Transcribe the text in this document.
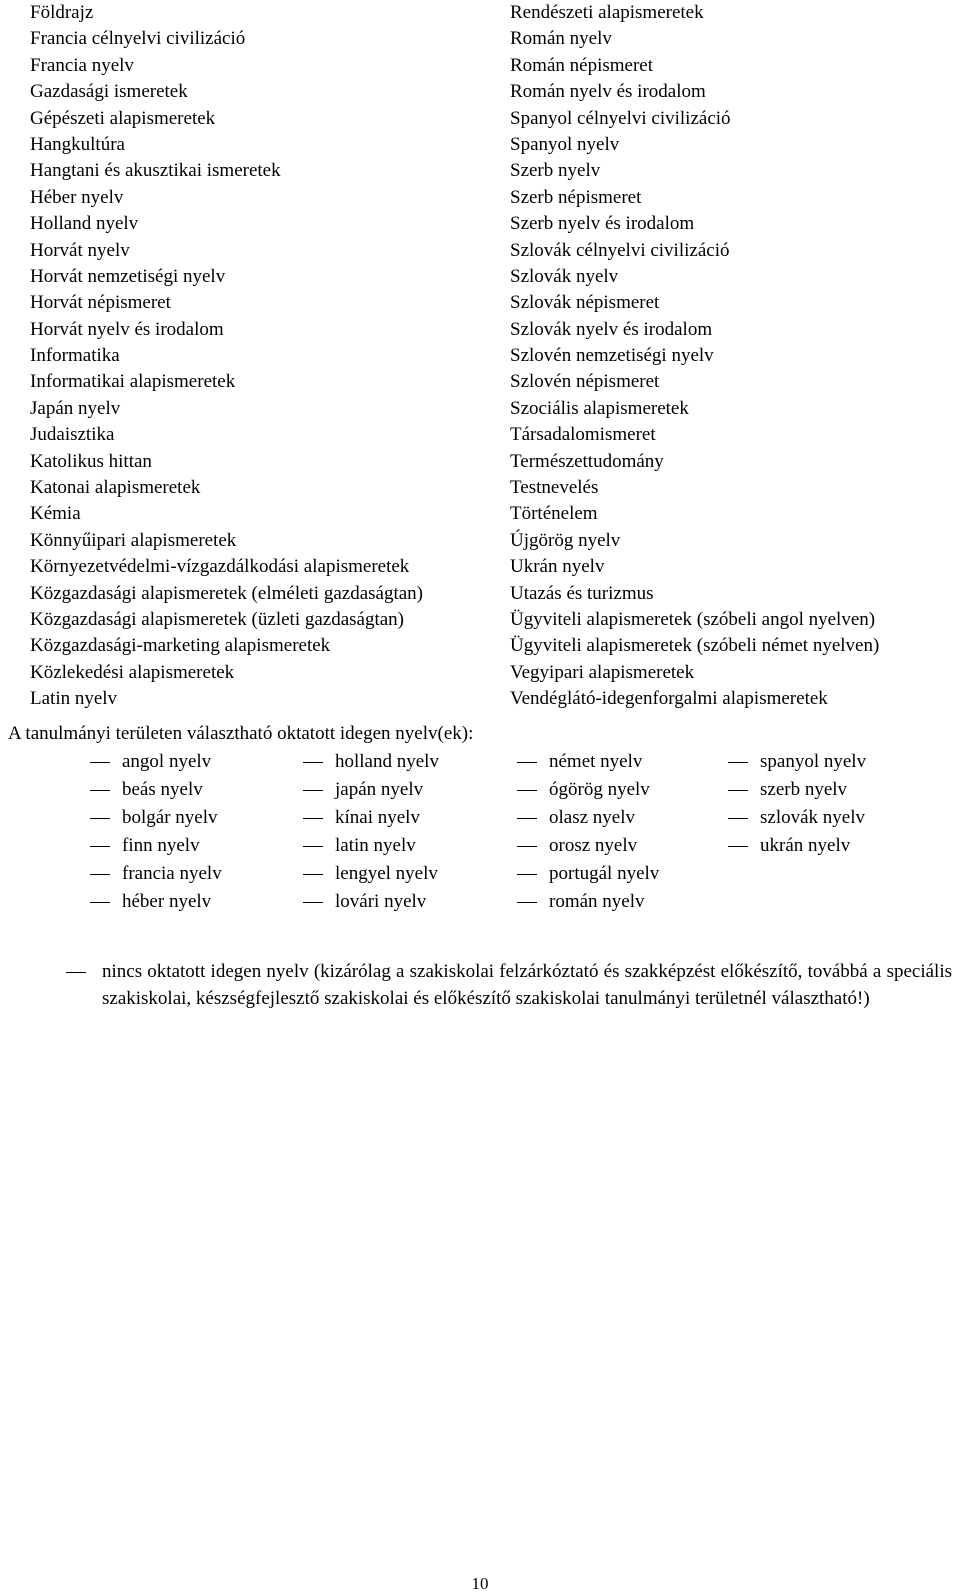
Földrajz	Rendészeti alapismeretek
Francia célnyelvi civilizáció	Román nyelv
Francia nyelv	Román népismeret
Gazdasági ismeretek	Román nyelv és irodalom
Gépészeti alapismeretek	Spanyol célnyelvi civilizáció
Hangkultúra	Spanyol nyelv
Hangtani és akusztikai ismeretek	Szerb nyelv
Héber nyelv	Szerb népismeret
Holland nyelv	Szerb nyelv és irodalom
Horvát nyelv	Szlovák célnyelvi civilizáció
Horvát nemzetiségi nyelv	Szlovák nyelv
Horvát népismeret	Szlovák népismeret
Horvát nyelv és irodalom	Szlovák nyelv és irodalom
Informatika	Szlovén nemzetiségi nyelv
Informatikai alapismeretek	Szlovén népismeret
Japán nyelv	Szociális alapismeretek
Judaisztika	Társadalomismeret
Katolikus hittan	Természettudomány
Katonai alapismeretek	Testnevelés
Kémia	Történelem
Könnyűipari alapismeretek	Újgörög nyelv
Környezetvédelmi-vízgazdálkodási alapismeretek	Ukrán nyelv
Közgazdasági alapismeretek (elméleti gazdaságtan)	Utazás és turizmus
Közgazdasági alapismeretek (üzleti gazdaságtan)	Ügyviteli alapismeretek (szóbeli angol nyelven)
Közgazdasági-marketing alapismeretek	Ügyviteli alapismeretek (szóbeli német nyelven)
Közlekedési alapismeretek	Vegyipari alapismeretek
Latin nyelv	Vendéglátó-idegenforgalmi alapismeretek
A tanulmányi területen választható oktatott idegen nyelv(ek):
angol nyelv	holland nyelv	német nyelv	spanyol nyelv
beás nyelv	japán nyelv	ógörög nyelv	szerb nyelv
bolgár nyelv	kínai nyelv	olasz nyelv	szlovák nyelv
finn nyelv	latin nyelv	orosz nyelv	ukrán nyelv
francia nyelv	lengyel nyelv	portugál nyelv
héber nyelv	lovári nyelv	román nyelv
nincs oktatott idegen nyelv (kizárólag a szakiskolai felzárkóztató és szakképzést előkészítő, továbbá a speciális szakiskolai, készségfejlesztő szakiskolai és előkészítő szakiskolai tanulmányi területnél választható!)
10
